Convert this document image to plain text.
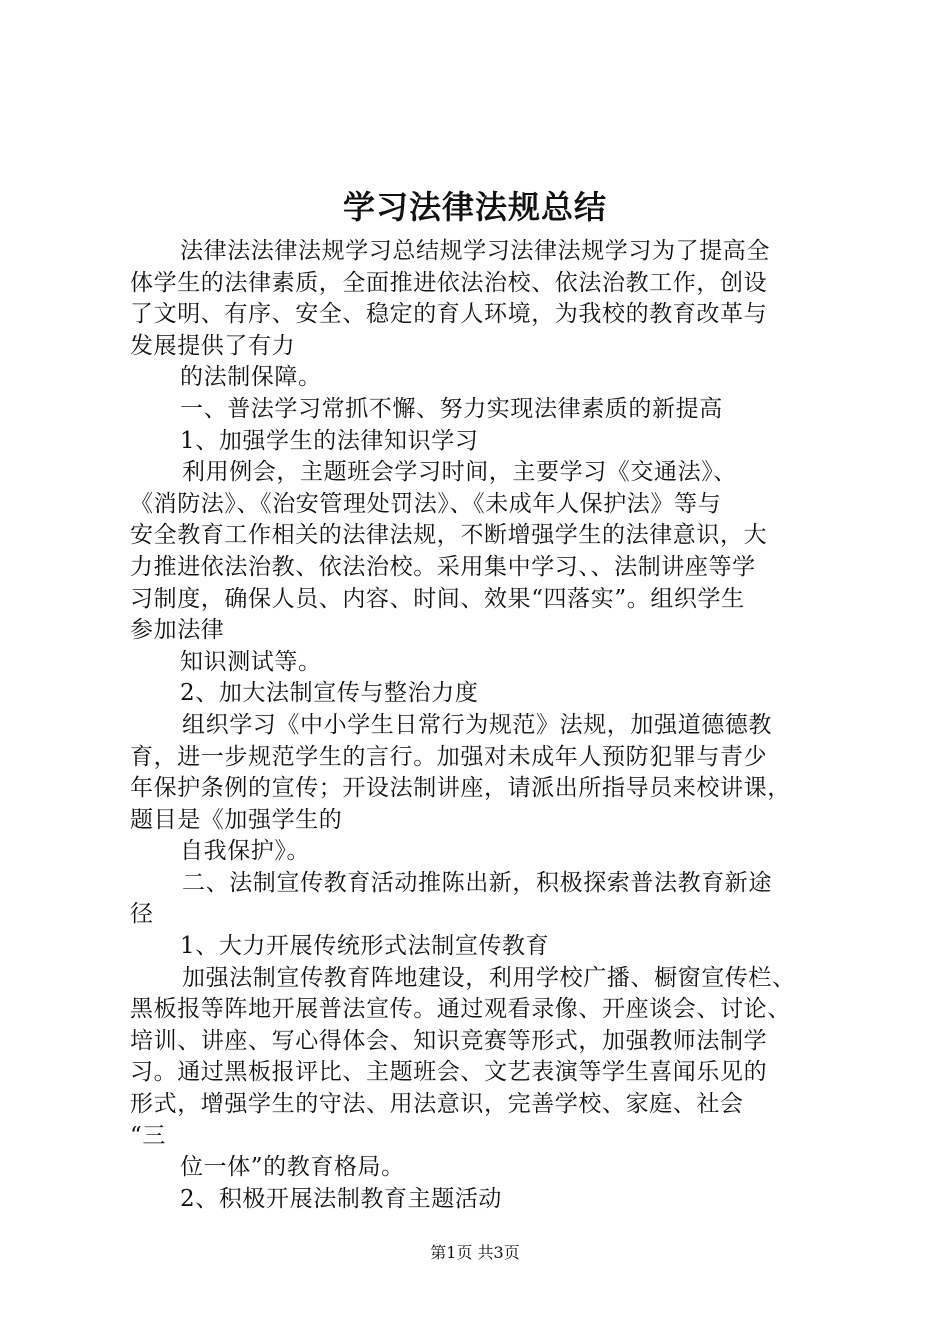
学习法律法规总结
法律法法律法规学习总结规学习法律法规学习为了提高全
体学生的法律素质，全面推进依法治校、依法治教工作，创设
了文明、有序、安全、稳定的育人环境，为我校的教育改革与
发展提供了有力
的法制保障。
一、普法学习常抓不懈、努力实现法律素质的新提高
1、加强学生的法律知识学习
利用例会，主题班会学习时间，主要学习《交通法》、
《消防法》、《治安管理处罚法》、《未成年人保护法》等与
安全教育工作相关的法律法规，不断增强学生的法律意识，大
力推进依法治教、依法治校。采用集中学习、、法制讲座等学
习制度，确保人员、内容、时间、效果“四落实”。组织学生
参加法律
知识测试等。
2、加大法制宣传与整治力度
组织学习《中小学生日常行为规范》法规，加强道德德教
育，进一步规范学生的言行。加强对未成年人预防犯罪与青少
年保护条例的宣传；开设法制讲座，请派出所指导员来校讲课，
题目是《加强学生的
自我保护》。
二、法制宣传教育活动推陈出新，积极探索普法教育新途
径
1、大力开展传统形式法制宣传教育
加强法制宣传教育阵地建设，利用学校广播、橱窗宣传栏、
黑板报等阵地开展普法宣传。通过观看录像、开座谈会、讨论、
培训、讲座、写心得体会、知识竞赛等形式，加强教师法制学
习。通过黑板报评比、主题班会、文艺表演等学生喜闻乐见的
形式，增强学生的守法、用法意识，完善学校、家庭、社会
“三
位一体”的教育格局。
2、积极开展法制教育主题活动
第1页 共3页
